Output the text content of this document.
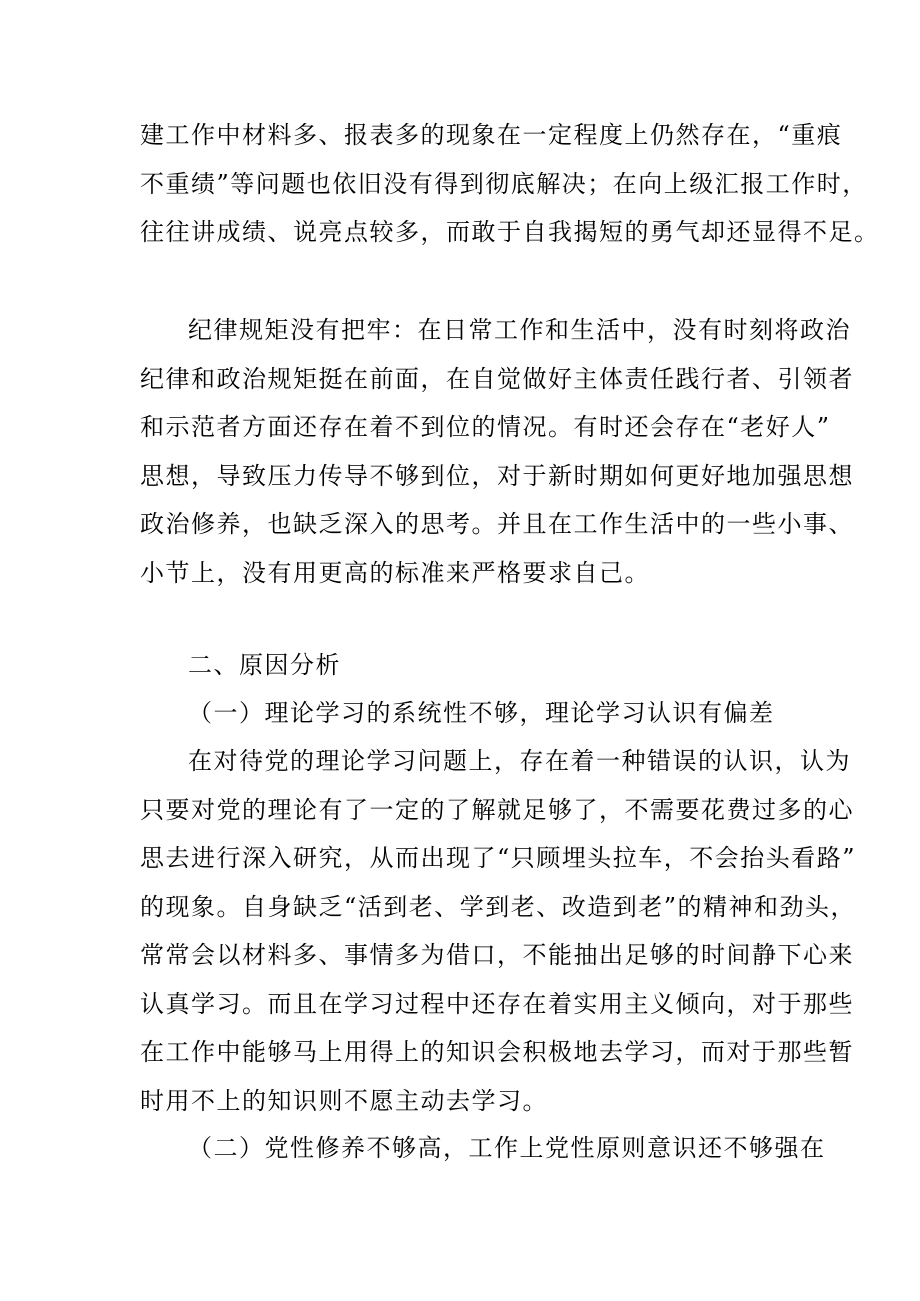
建工作中材料多、报表多的现象在一定程度上仍然存在，“重痕
不重绩”等问题也依旧没有得到彻底解决；在向上级汇报工作时，
往往讲成绩、说亮点较多，而敢于自我揭短的勇气却还显得不足。

纪律规矩没有把牢：在日常工作和生活中，没有时刻将政治
纪律和政治规矩挺在前面，在自觉做好主体责任践行者、引领者
和示范者方面还存在着不到位的情况。有时还会存在“老好人”
思想，导致压力传导不够到位，对于新时期如何更好地加强思想
政治修养，也缺乏深入的思考。并且在工作生活中的一些小事、
小节上，没有用更高的标准来严格要求自己。

二、原因分析
（一）理论学习的系统性不够，理论学习认识有偏差

在对待党的理论学习问题上，存在着一种错误的认识，认为
只要对党的理论有了一定的了解就足够了，不需要花费过多的心
思去进行深入研究，从而出现了“只顾埋头拉车，不会抬头看路”
的现象。自身缺乏“活到老、学到老、改造到老”的精神和劲头，
常常会以材料多、事情多为借口，不能抽出足够的时间静下心来
认真学习。而且在学习过程中还存在着实用主义倾向，对于那些
在工作中能够马上用得上的知识会积极地去学习，而对于那些暂
时用不上的知识则不愿主动去学习。

（二）党性修养不够高，工作上党性原则意识还不够强在
